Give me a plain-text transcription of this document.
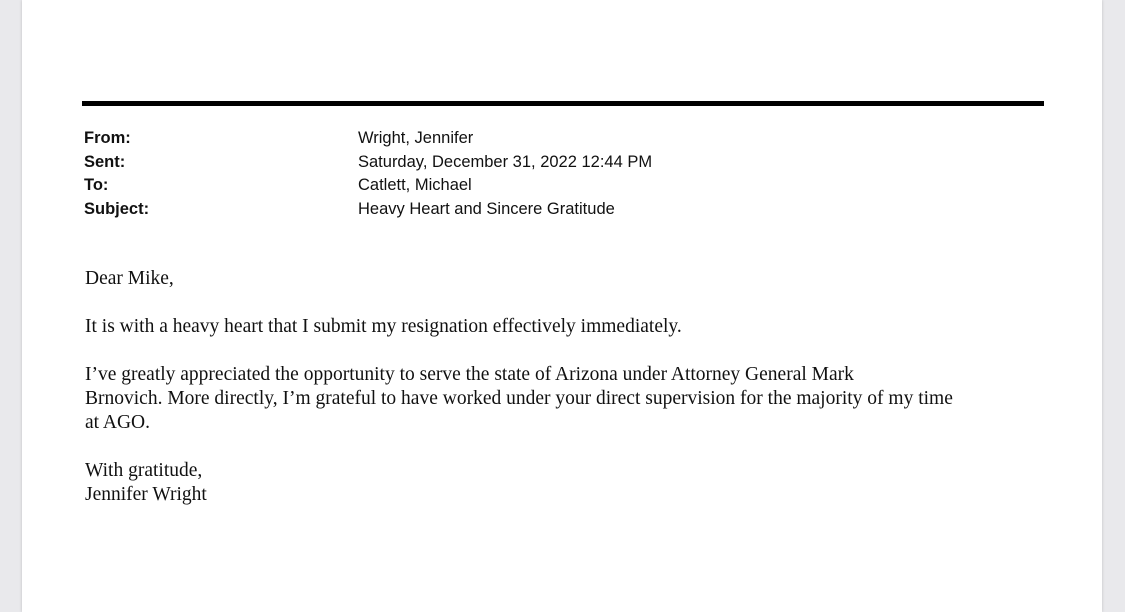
From:	Wright, Jennifer
Sent:	Saturday, December 31, 2022 12:44 PM
To:	Catlett, Michael
Subject:	Heavy Heart and Sincere Gratitude

Dear Mike,

It is with a heavy heart that I submit my resignation effectively immediately.

I’ve greatly appreciated the opportunity to serve the state of Arizona under Attorney General Mark

Brnovich. More directly, I’m grateful to have worked under your direct supervision for the majority of my time

at AGO.

With gratitude,

Jennifer Wright
